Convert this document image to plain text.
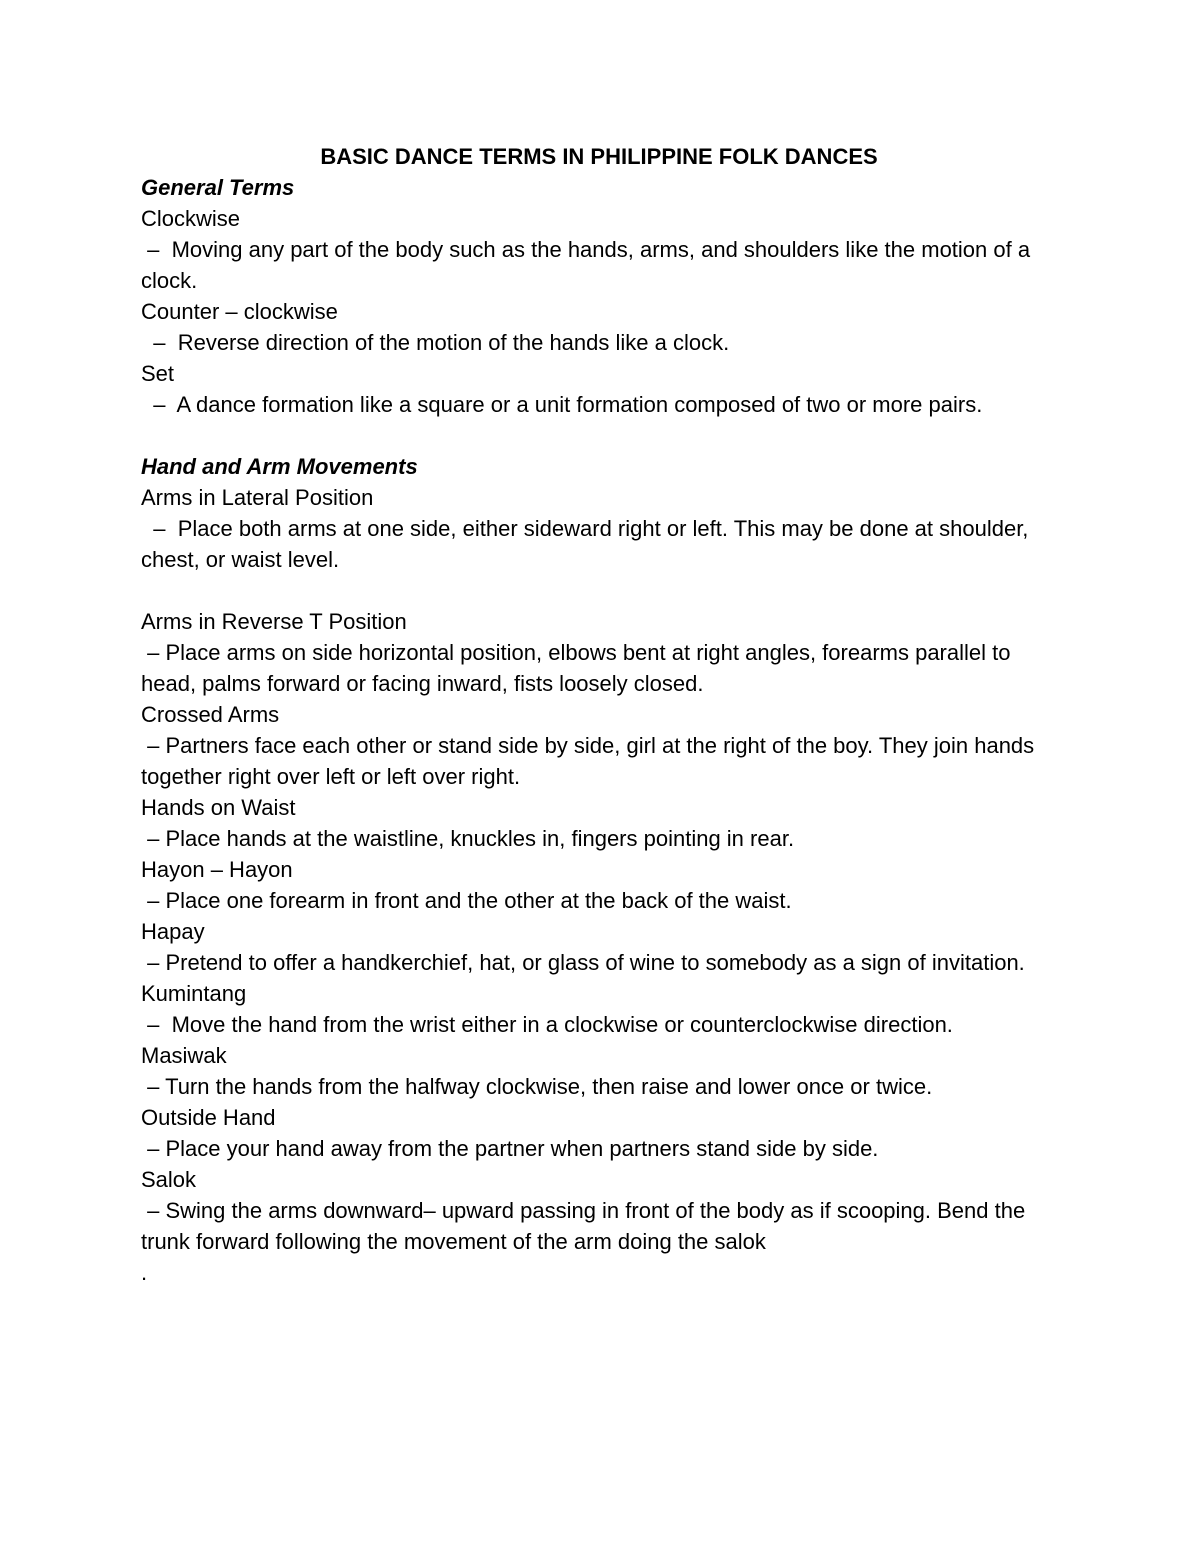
BASIC DANCE TERMS IN PHILIPPINE FOLK DANCES

General Terms

Clockwise

–  Moving any part of the body such as the hands, arms, and shoulders like the motion of a clock.

Counter – clockwise

–  Reverse direction of the motion of the hands like a clock.

Set

–  A dance formation like a square or a unit formation composed of two or more pairs.

Hand and Arm Movements

Arms in Lateral Position

–  Place both arms at one side, either sideward right or left. This may be done at shoulder, chest, or waist level.

Arms in Reverse T Position

– Place arms on side horizontal position, elbows bent at right angles, forearms parallel to head, palms forward or facing inward, fists loosely closed.

Crossed Arms

– Partners face each other or stand side by side, girl at the right of the boy. They join hands together right over left or left over right.

Hands on Waist

– Place hands at the waistline, knuckles in, fingers pointing in rear.

Hayon – Hayon

– Place one forearm in front and the other at the back of the waist.

Hapay

– Pretend to offer a handkerchief, hat, or glass of wine to somebody as a sign of invitation.

Kumintang

–  Move the hand from the wrist either in a clockwise or counterclockwise direction.

Masiwak

– Turn the hands from the halfway clockwise, then raise and lower once or twice.

Outside Hand

– Place your hand away from the partner when partners stand side by side.

Salok

– Swing the arms downward– upward passing in front of the body as if scooping. Bend the trunk forward following the movement of the arm doing the salok

.
